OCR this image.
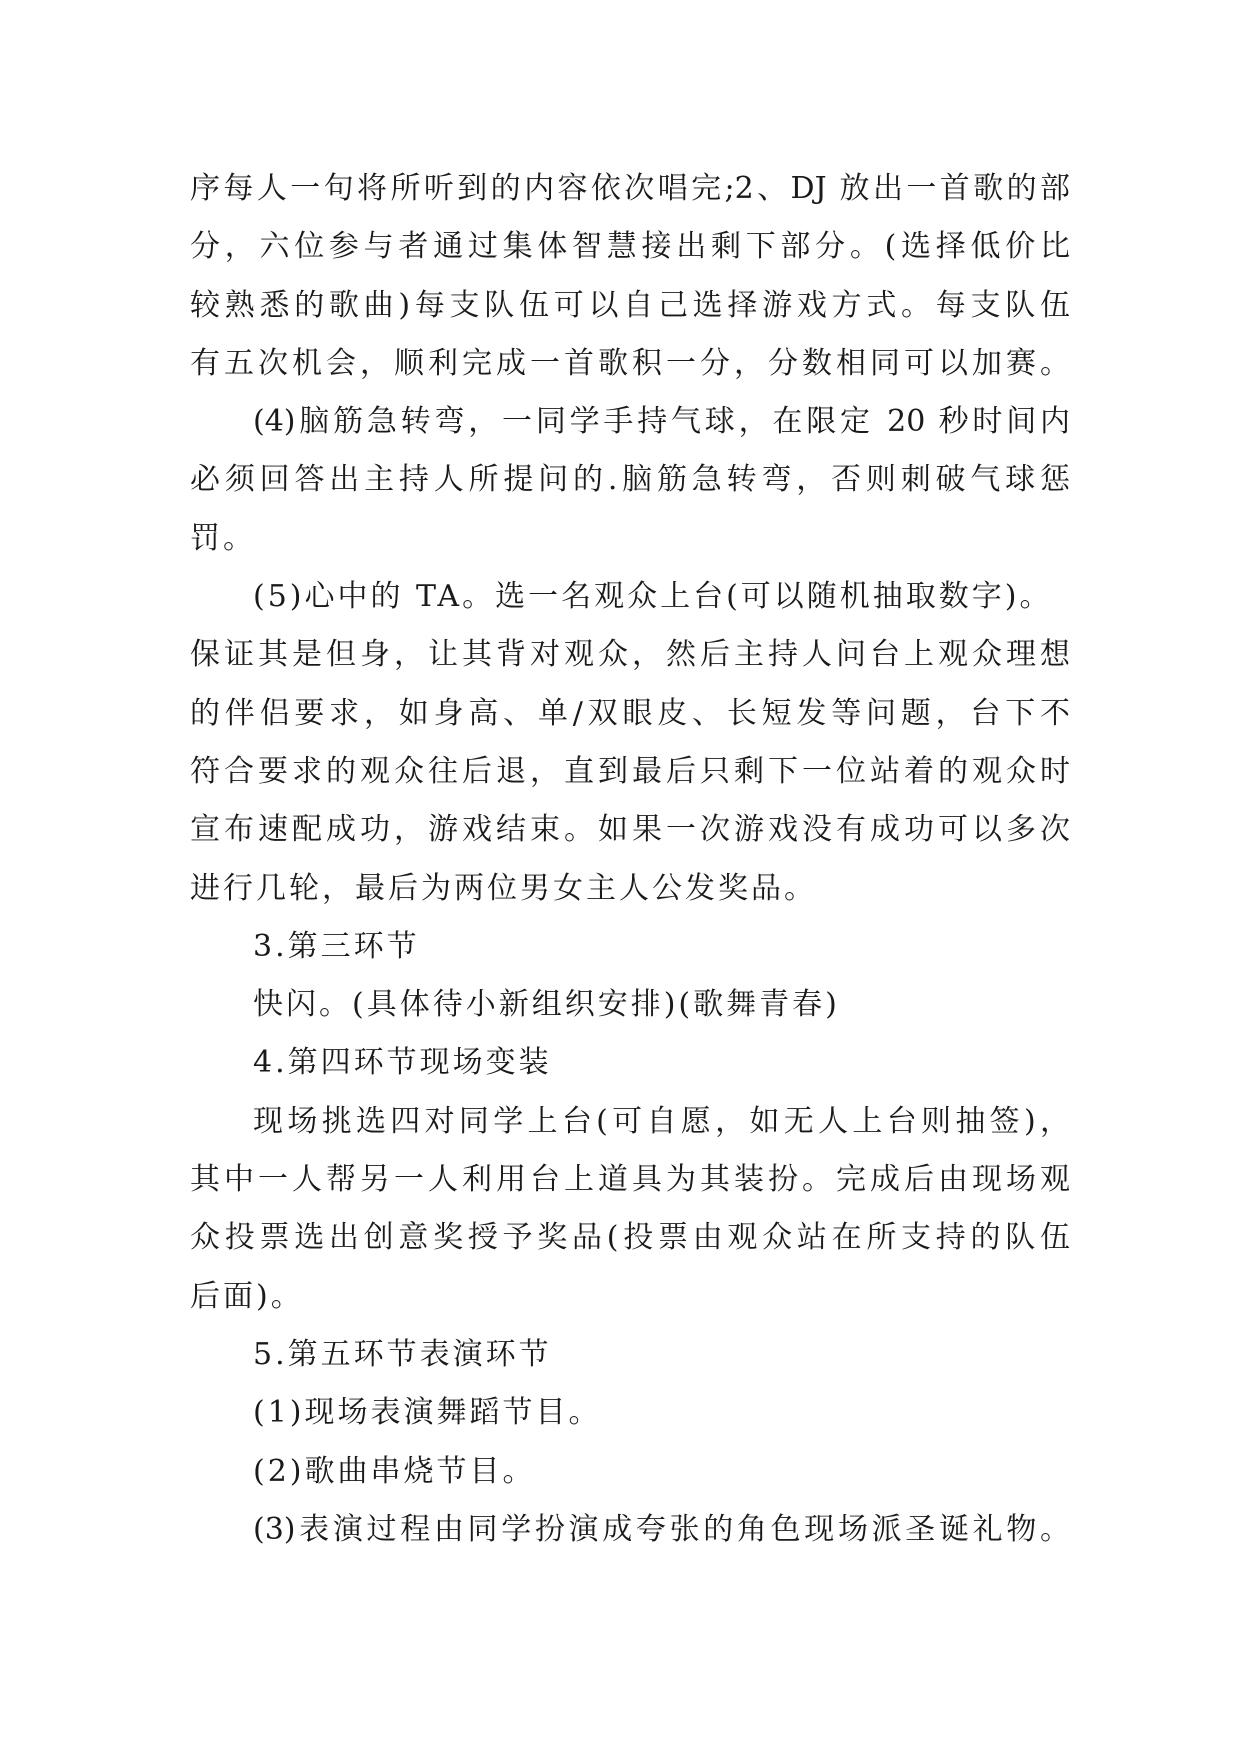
序每人一句将所听到的内容依次唱完;2、DJ 放出一首歌的部
分，六位参与者通过集体智慧接出剩下部分。(选择低价比
较熟悉的歌曲)每支队伍可以自己选择游戏方式。每支队伍
有五次机会，顺利完成一首歌积一分，分数相同可以加赛。
(4)脑筋急转弯，一同学手持气球，在限定 20 秒时间内
必须回答出主持人所提问的.脑筋急转弯，否则刺破气球惩
罚。
(5)心中的 TA。选一名观众上台(可以随机抽取数字)。
保证其是但身，让其背对观众，然后主持人问台上观众理想
的伴侣要求，如身高、单/双眼皮、长短发等问题，台下不
符合要求的观众往后退，直到最后只剩下一位站着的观众时
宣布速配成功，游戏结束。如果一次游戏没有成功可以多次
进行几轮，最后为两位男女主人公发奖品。
3.第三环节
快闪。(具体待小新组织安排)(歌舞青春)
4.第四环节现场变装
现场挑选四对同学上台(可自愿，如无人上台则抽签)，
其中一人帮另一人利用台上道具为其装扮。完成后由现场观
众投票选出创意奖授予奖品(投票由观众站在所支持的队伍
后面)。
5.第五环节表演环节
(1)现场表演舞蹈节目。
(2)歌曲串烧节目。
(3)表演过程由同学扮演成夸张的角色现场派圣诞礼物。
